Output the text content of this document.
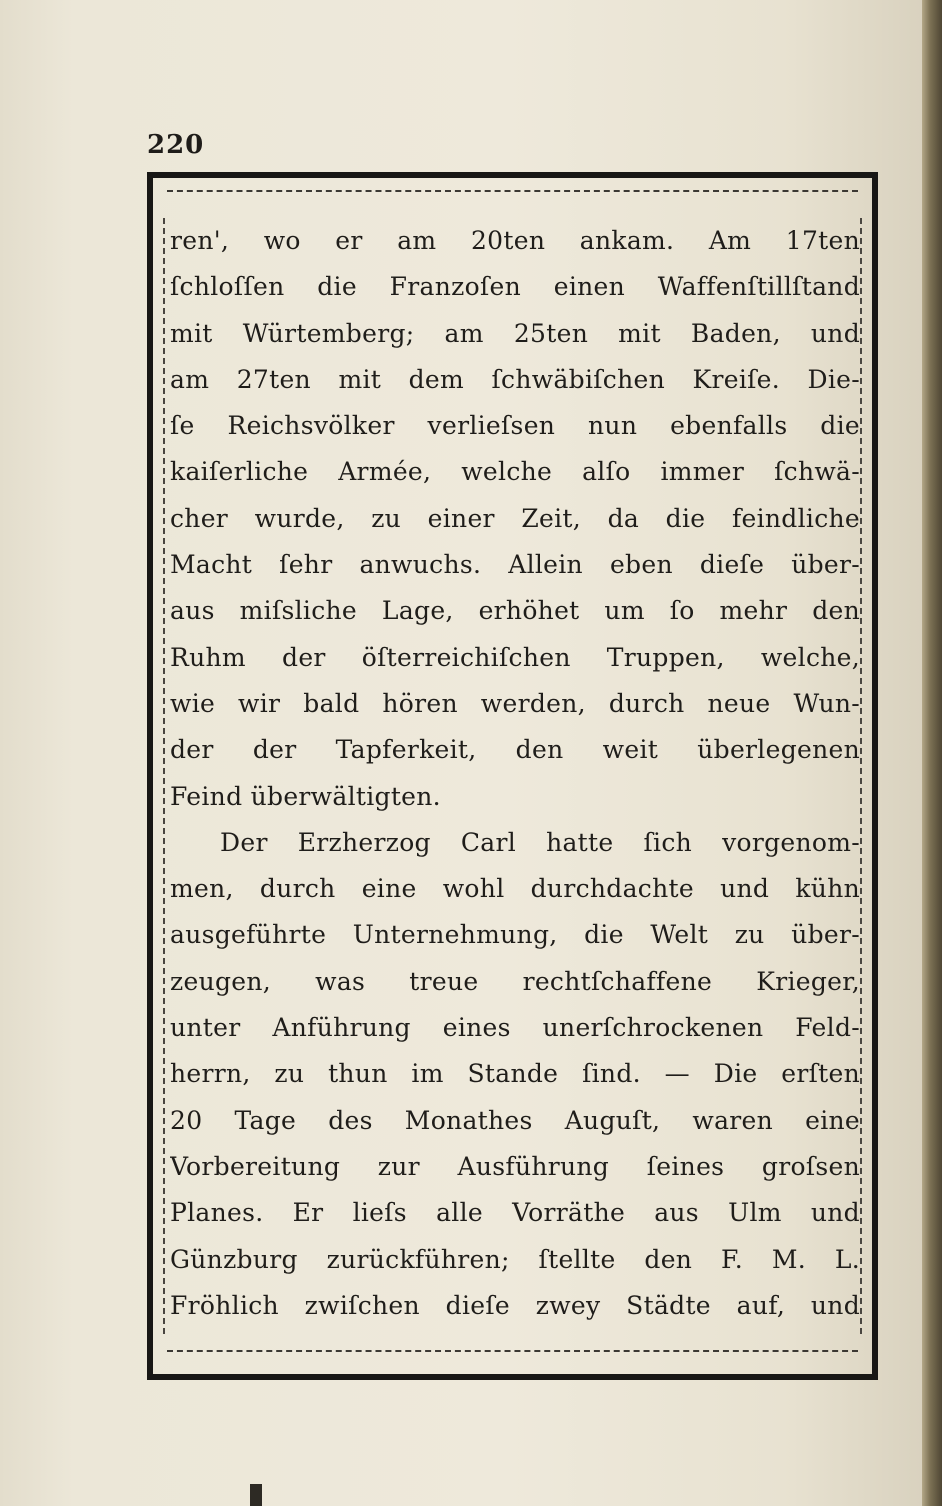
220
ren', wo er am 20ten ankam. Am 17ten
ſchloſſen die Franzoſen einen Waffenſtillſtand
mit Würtemberg; am 25ten mit Baden, und
am 27ten mit dem ſchwäbiſchen Kreiſe. Die-
ſe Reichsvölker verlieſsen nun ebenfalls die
kaiſerliche Armée, welche alſo immer ſchwä-
cher wurde, zu einer Zeit, da die feindliche
Macht ſehr anwuchs. Allein eben dieſe über-
aus miſsliche Lage, erhöhet um ſo mehr den
Ruhm der öſterreichiſchen Truppen, welche,
wie wir bald hören werden, durch neue Wun-
der der Tapferkeit, den weit überlegenen
Feind überwältigten.
Der Erzherzog Carl hatte ſich vorgenom-
men, durch eine wohl durchdachte und kühn
ausgeführte Unternehmung, die Welt zu über-
zeugen, was treue rechtſchaffene Krieger,
unter Anführung eines unerſchrockenen Feld-
herrn, zu thun im Stande ſind. — Die erſten
20 Tage des Monathes Auguſt, waren eine
Vorbereitung zur Ausführung ſeines groſsen
Planes. Er lieſs alle Vorräthe aus Ulm und
Günzburg zurückführen; ſtellte den F. M. L.
Fröhlich zwiſchen dieſe zwey Städte auf, und
